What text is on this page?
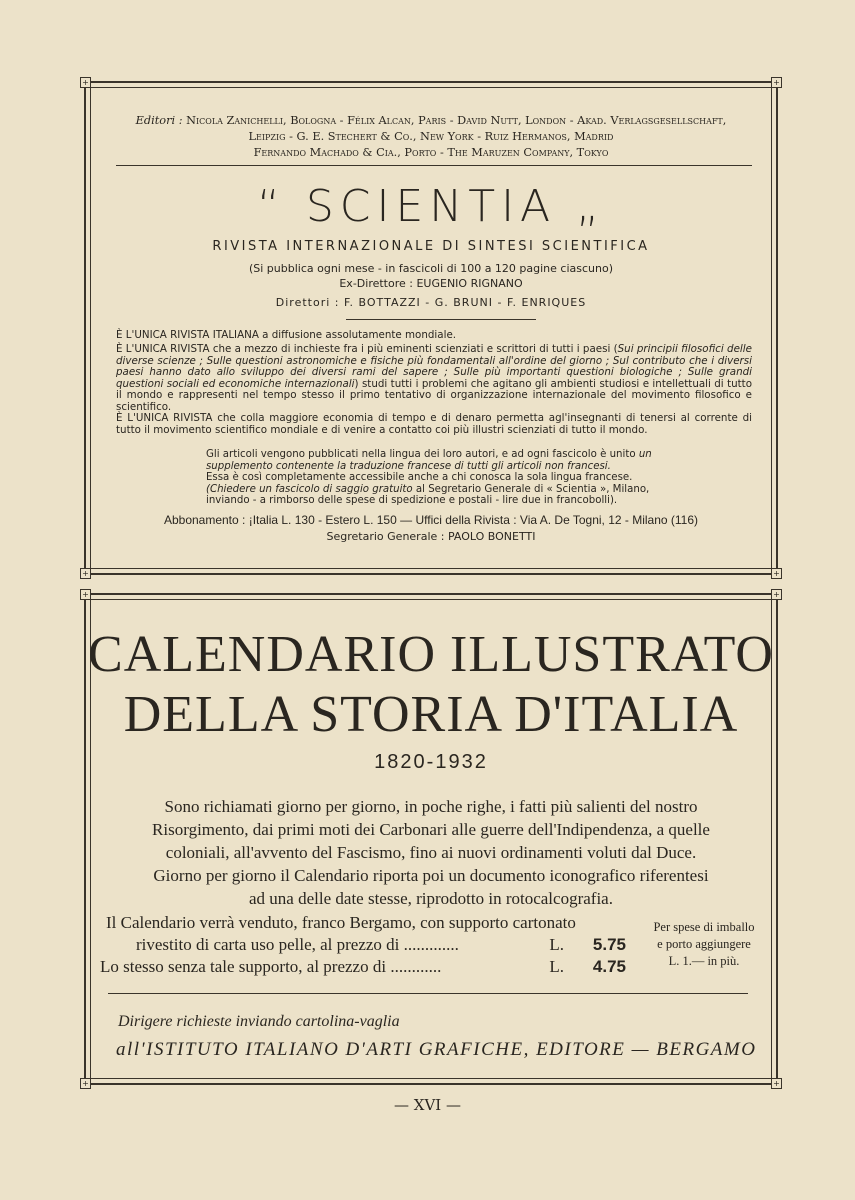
Editori : Nicola Zanichelli, Bologna - Félix Alcan, Paris - David Nutt, London - Akad. Verlagsgesellschaft,
Leipzig - G. E. Stechert & Co., New York - Ruiz Hermanos, Madrid
Fernando Machado & Cia., Porto - The Maruzen Company, Tokyo
“ SCIENTIA „
RIVISTA INTERNAZIONALE DI SINTESI SCIENTIFICA
(Si pubblica ogni mese - in fascicoli di 100 a 120 pagine ciascuno)
Ex-Direttore : EUGENIO RIGNANO
Direttori : F. BOTTAZZI - G. BRUNI - F. ENRIQUES
È L'UNICA RIVISTA ITALIANA a diffusione assolutamente mondiale.
È L'UNICA RIVISTA che a mezzo di inchieste fra i più eminenti scienziati e scrittori di tutti i paesi (Sui principii filosofici delle diverse scienze ; Sulle questioni astronomiche e fisiche più fondamentali all'ordine del giorno ; Sul contributo che i diversi paesi hanno dato allo sviluppo dei diversi rami del sapere ; Sulle più importanti questioni biologiche ; Sulle grandi questioni sociali ed economiche internazionali) studi tutti i problemi che agitano gli ambienti studiosi e intellettuali di tutto il mondo e rappresenti nel tempo stesso il primo tentativo di organizzazione internazionale del movimento filosofico e scientifico.
È L'UNICA RIVISTA che colla maggiore economia di tempo e di denaro permetta agl'insegnanti di tenersi al corrente di tutto il movimento scientifico mondiale e di venire a contatto coi più illustri scienziati di tutto il mondo.
Gli articoli vengono pubblicati nella lingua dei loro autori, e ad ogni fascicolo è unito un supplemento contenente la traduzione francese di tutti gli articoli non francesi.
Essa è così completamente accessibile anche a chi conosca la sola lingua francese.
(Chiedere un fascicolo di saggio gratuito al Segretario Generale di « Scientia », Milano, inviando - a rimborso delle spese di spedizione e postali - lire due in francobolli).
Abbonamento : ¡Italia L. 130 - Estero L. 150 — Uffici della Rivista : Via A. De Togni, 12 - Milano (116)
Segretario Generale : PAOLO BONETTI
+	+
+	+
CALENDARIO ILLUSTRATO
DELLA STORIA D'ITALIA
1820-1932
Sono richiamati giorno per giorno, in poche righe, i fatti più salienti del nostro
Risorgimento, dai primi moti dei Carbonari alle guerre dell'Indipendenza, a quelle
coloniali, all'avvento del Fascismo, fino ai nuovi ordinamenti voluti dal Duce.
Giorno per giorno il Calendario riporta poi un documento iconografico riferentesi
ad una delle date stesse, riprodotto in rotocalcografia.
Il Calendario verrà venduto, franco Bergamo, con supporto cartonato
rivestito di carta uso pelle, al prezzo di .............	L. 5.75
Lo stesso senza tale supporto, al prezzo di ............	L. 4.75
Per spese di imballo
e porto aggiungere
L. 1.— in più.
Dirigere richieste inviando cartolina-vaglia
all'ISTITUTO ITALIANO D'ARTI GRAFICHE, EDITORE — BERGAMO
+	+
+	+
— XVI —
